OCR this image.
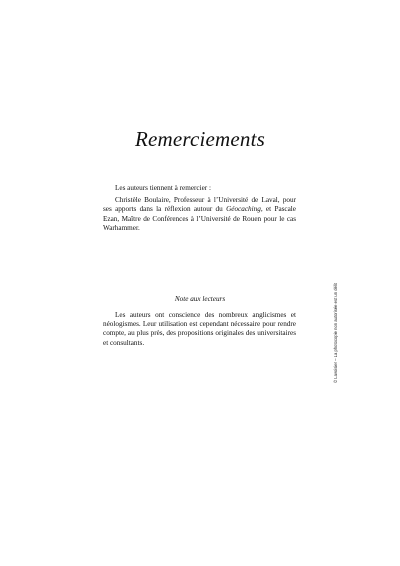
Remerciements

Les auteurs tiennent à remercier :

Christèle Boulaire, Professeur à l’Université de Laval, pour ses apports dans la réflexion autour du Géocaching, et Pascale Ezan, Maître de Conférences à l’Université de Rouen pour le cas Warhammer.

Note aux lecteurs

Les auteurs ont conscience des nombreux anglicismes et néologismes. Leur utilisation est cependant nécessaire pour rendre compte, au plus près, des propositions originales des universitaires et consultants.	© Lavoisier – La photocopie non autorisée est un délit
